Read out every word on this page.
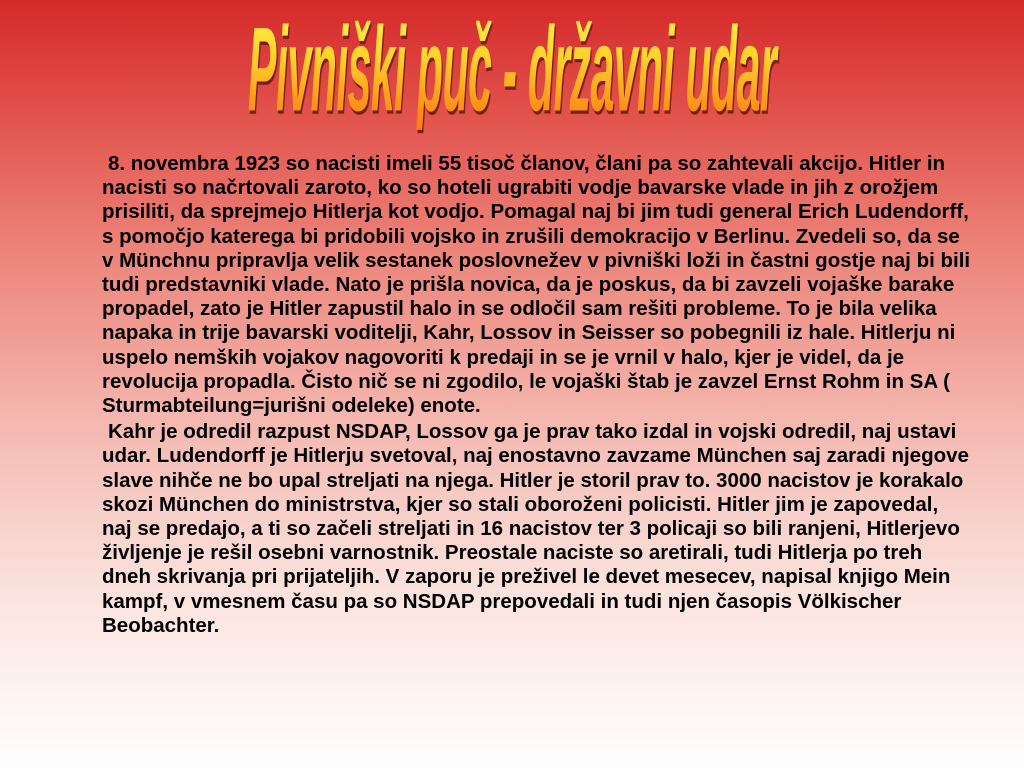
Pivniški puč - državni udar

8. novembra 1923 so nacisti imeli 55 tisoč članov, člani pa so zahtevali akcijo. Hitler in nacisti so načrtovali zaroto, ko so hoteli ugrabiti vodje bavarske vlade in jih z orožjem prisiliti, da sprejmejo Hitlerja kot vodjo. Pomagal naj bi jim tudi general Erich Ludendorff, s pomočjo katerega bi pridobili vojsko in zrušili demokracijo v Berlinu. Zvedeli so, da se v Münchnu pripravlja velik sestanek poslovnežev v pivniški loži in častni gostje naj bi bili tudi predstavniki vlade. Nato je prišla novica, da je poskus, da bi zavzeli vojaške barake propadel, zato je Hitler zapustil halo in se odločil sam rešiti probleme. To je bila velika napaka in trije bavarski voditelji, Kahr, Lossov in Seisser so pobegnili iz hale. Hitlerju ni uspelo nemških vojakov nagovoriti k predaji in se je vrnil v halo, kjer je videl, da je revolucija propadla. Čisto nič se ni zgodilo, le vojaški štab je zavzel Ernst Rohm in SA ( Sturmabteilung=jurišni odeleke) enote.

Kahr je odredil razpust NSDAP, Lossov ga je prav tako izdal in vojski odredil, naj ustavi udar. Ludendorff je Hitlerju svetoval, naj enostavno zavzame München saj zaradi njegove slave nihče ne bo upal streljati na njega. Hitler je storil prav to. 3000 nacistov je korakalo skozi München do ministrstva, kjer so stali oboroženi policisti. Hitler jim je zapovedal, naj se predajo, a ti so začeli streljati in 16 nacistov ter 3 policaji so bili ranjeni, Hitlerjevo življenje je rešil osebni varnostnik. Preostale naciste so aretirali, tudi Hitlerja po treh dneh skrivanja pri prijateljih. V zaporu je preživel le devet mesecev, napisal knjigo Mein kampf, v vmesnem času pa so NSDAP prepovedali in tudi njen časopis Völkischer Beobachter.
